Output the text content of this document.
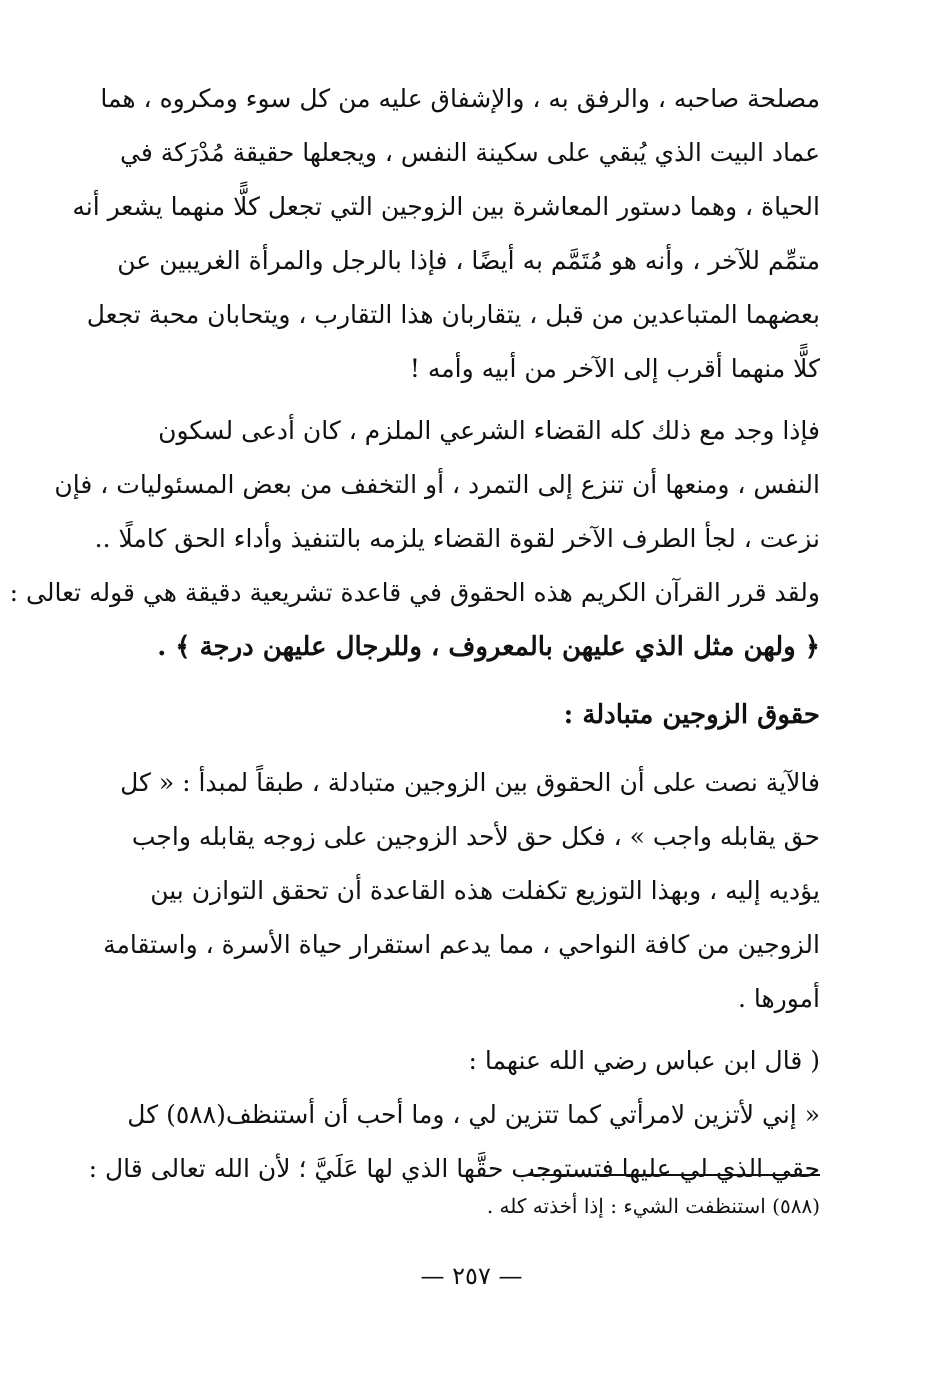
مصلحة صاحبه ، والرفق به ، والإشفاق عليه من كل سوء ومكروه ، هما
عماد البيت الذي يُبقي على سكينة النفس ، ويجعلها حقيقة مُدْرَكة في
الحياة ، وهما دستور المعاشرة بين الزوجين التي تجعل كلًّا منهما يشعر أنه
متمِّم للآخر ، وأنه هو مُتَمَّم به أيضًا ، فإذا بالرجل والمرأة الغريبين عن
بعضهما المتباعدين من قبل ، يتقاربان هذا التقارب ، ويتحابان محبة تجعل
كلًّا منهما أقرب إلى الآخر من أبيه وأمه !
فإذا وجد مع ذلك كله القضاء الشرعي الملزم ، كان أدعى لسكون
النفس ، ومنعها أن تنزع إلى التمرد ، أو التخفف من بعض المسئوليات ، فإن
نزعت ، لجأ الطرف الآخر لقوة القضاء يلزمه بالتنفيذ وأداء الحق كاملًا ..
ولقد قرر القرآن الكريم هذه الحقوق في قاعدة تشريعية دقيقة هي قوله تعالى :
﴿ ولهن مثل الذي عليهن بالمعروف ، وللرجال عليهن درجة ﴾ .
حقوق الزوجين متبادلة :
فالآية نصت على أن الحقوق بين الزوجين متبادلة ، طبقاً لمبدأ : « كل
حق يقابله واجب » ، فكل حق لأحد الزوجين على زوجه يقابله واجب
يؤديه إليه ، وبهذا التوزيع تكفلت هذه القاعدة أن تحقق التوازن بين
الزوجين من كافة النواحي ، مما يدعم استقرار حياة الأسرة ، واستقامة
أمورها .
( قال ابن عباس رضي الله عنهما :
« إني لأتزين لامرأتي كما تتزين لي ، وما أحب أن أستنظف(٥٨٨) كل
حقي الذي لي عليها فتستوجب حقَّها الذي لها عَلَيَّ ؛ لأن الله تعالى قال :
(٥٨٨) استنظفت الشيء : إذا أخذته كله .
— ٢٥٧ —
